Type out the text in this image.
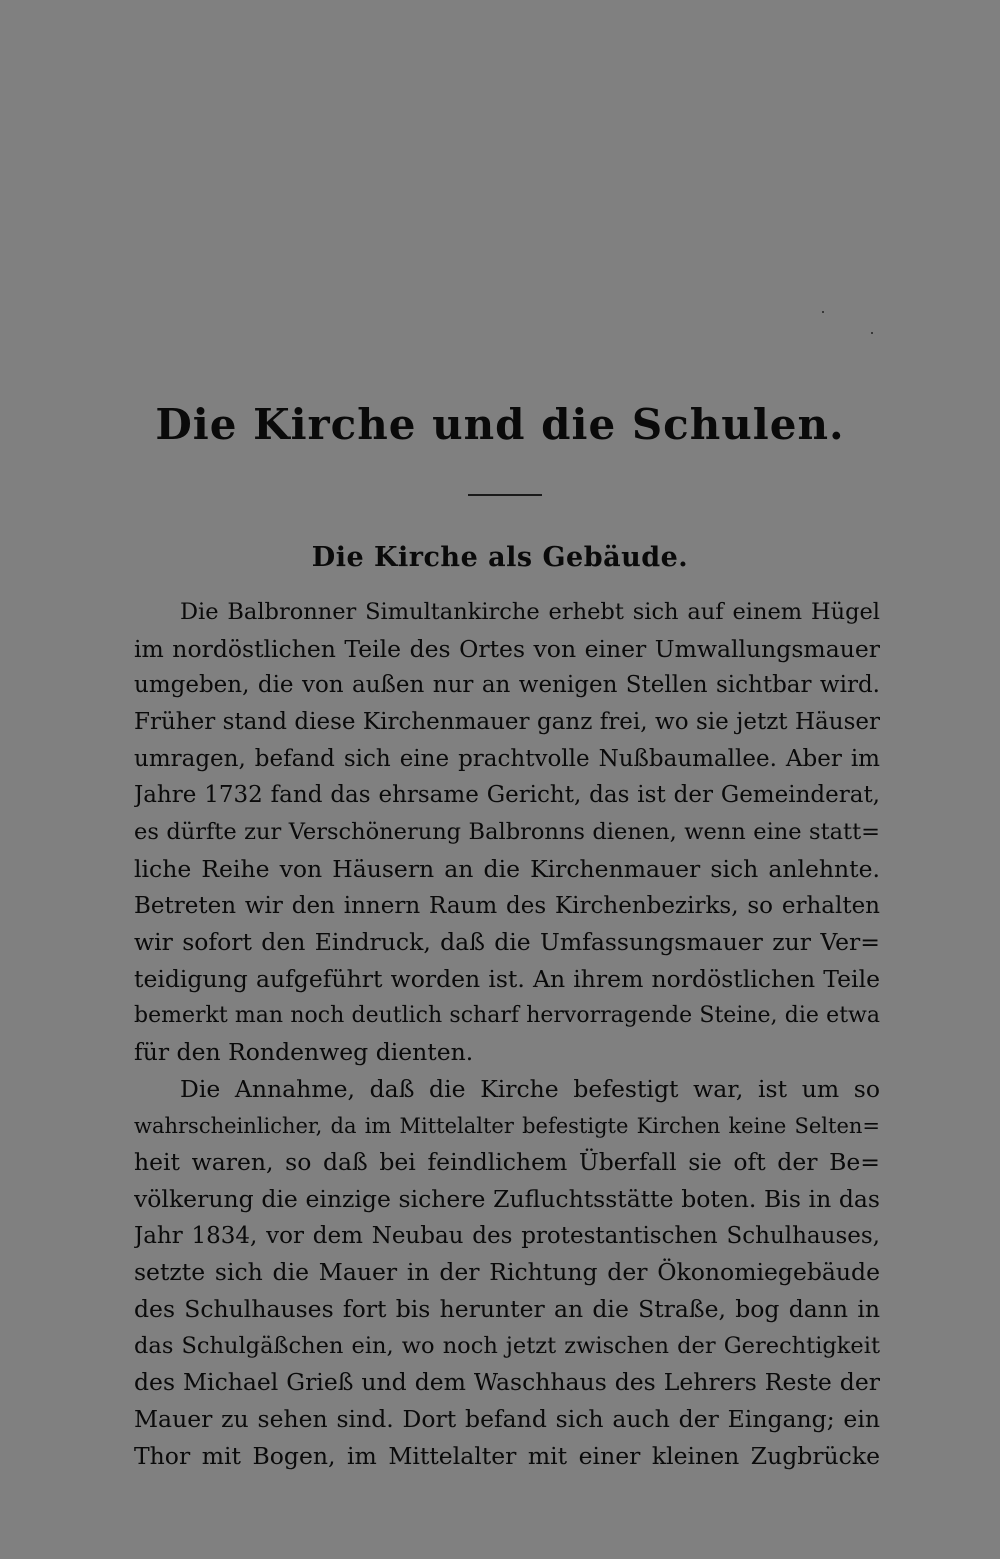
Die Kirche und die Schulen.
Die Kirche als Gebäude.
Die Balbronner Simultankirche erhebt sich auf einem Hügel
im nordöstlichen Teile des Ortes von einer Umwallungsmauer
umgeben, die von außen nur an wenigen Stellen sichtbar wird.
Früher stand diese Kirchenmauer ganz frei, wo sie jetzt Häuser
umragen, befand sich eine prachtvolle Nußbaumallee. Aber im
Jahre 1732 fand das ehrsame Gericht, das ist der Gemeinderat,
es dürfte zur Verschönerung Balbronns dienen, wenn eine statt=
liche Reihe von Häusern an die Kirchenmauer sich anlehnte.
Betreten wir den innern Raum des Kirchenbezirks, so erhalten
wir sofort den Eindruck, daß die Umfassungsmauer zur Ver=
teidigung aufgeführt worden ist. An ihrem nordöstlichen Teile
bemerkt man noch deutlich scharf hervorragende Steine, die etwa
für den Rondenweg dienten.
Die Annahme, daß die Kirche befestigt war, ist um so
wahrscheinlicher, da im Mittelalter befestigte Kirchen keine Selten=
heit waren, so daß bei feindlichem Überfall sie oft der Be=
völkerung die einzige sichere Zufluchtsstätte boten. Bis in das
Jahr 1834, vor dem Neubau des protestantischen Schulhauses,
setzte sich die Mauer in der Richtung der Ökonomiegebäude
des Schulhauses fort bis herunter an die Straße, bog dann in
das Schulgäßchen ein, wo noch jetzt zwischen der Gerechtigkeit
des Michael Grieß und dem Waschhaus des Lehrers Reste der
Mauer zu sehen sind. Dort befand sich auch der Eingang; ein
Thor mit Bogen, im Mittelalter mit einer kleinen Zugbrücke
